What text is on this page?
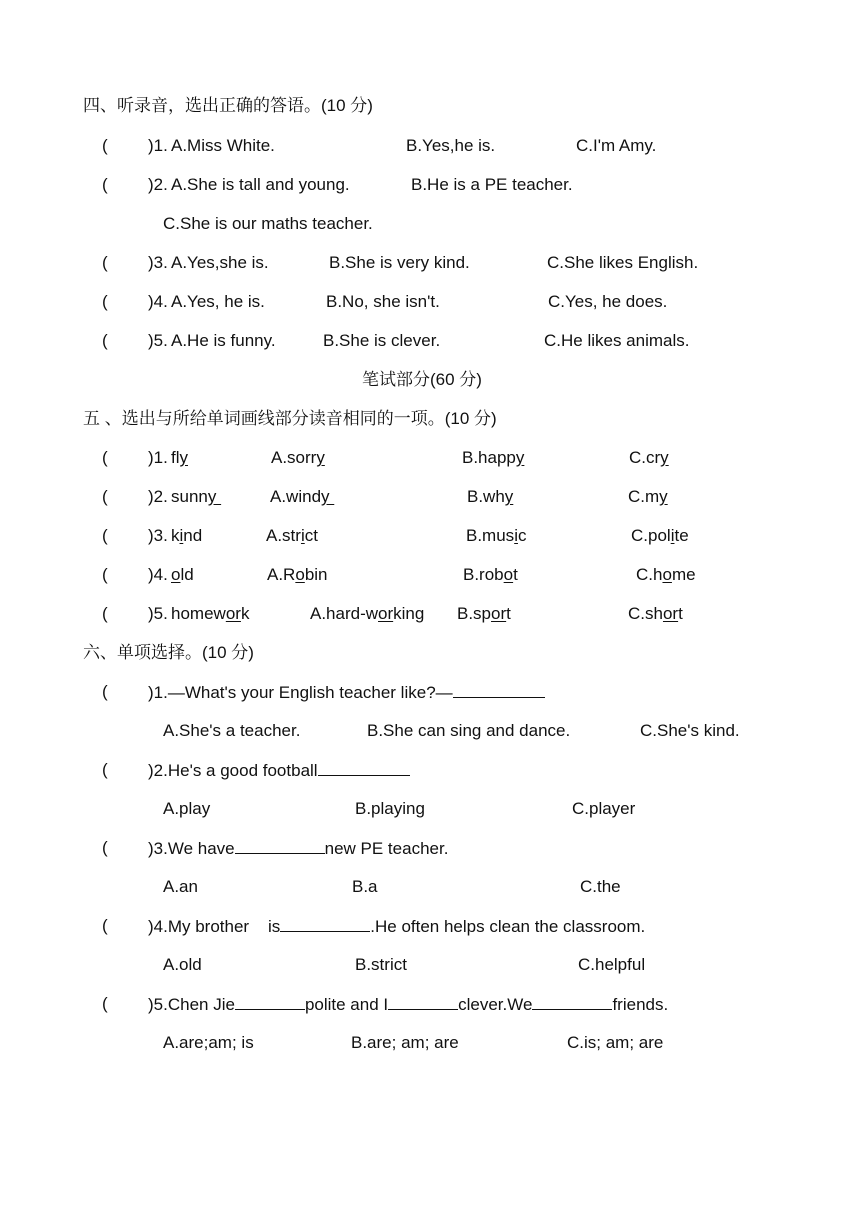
四、听录音，选出正确的答语。(10 分)
( )1. A.Miss White.	B.Yes,he is.	C.I'm Amy.
( )2. A.She is tall and young.	B.He is a PE teacher.
C.She is our maths teacher.
( )3. A.Yes,she is.	B.She is very kind.	C.She likes English.
( )4. A.Yes, he is.	B.No, she isn't.	C.Yes, he does.
( )5. A.He is funny.	B.She is clever.	C.He likes animals.
笔试部分(60 分)
五 、选出与所给单词画线部分读音相同的一项。(10 分)
( )1. fly	A.sorry	B.happy	C.cry
( )2. sunny	A.windy	B.why	C.my
( )3. kind	A.strict	B.music	C.polite
( )4. old	A.Robin	B.robot	C.home
( )5. homework	A.hard-working B.sport	C.short
六、单项选择。(10 分)
( )1.—What's your English teacher like?—
A.She's a teacher.	B.She can sing and dance.	C.She's kind.
( )2.He's a good football
A.play	B.playing	C.player
( )3.We have	new PE teacher.
A.an	B.a	C.the
( )4.My brother    is	.He often helps clean the classroom.
A.old	B.strict	C.helpful
( )5.Chen Jie	polite and I	clever.We	friends.
A.are;am; is	B.are; am; are	C.is; am; are
